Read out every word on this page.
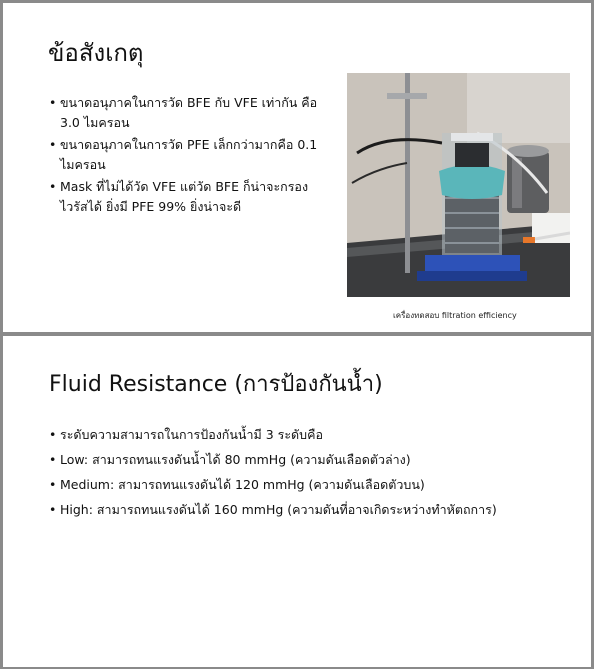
ข้อสังเกตุ
• ขนาดอนุภาคในการวัด BFE กับ VFE เท่ากัน คือ 3.0 ไมครอน
• ขนาดอนุภาคในการวัด PFE เล็กกว่ามากคือ 0.1 ไมครอน
• Mask ที่ไม่ได้วัด VFE แต่วัด BFE ก็น่าจะกรองไวรัสได้ ยิ่งมี PFE 99% ยิ่งน่าจะดี
เครื่องทดสอบ filtration efficiency
Fluid Resistance (การป้องกันน้ำ)
• ระดับความสามารถในการป้องกันน้ำมี 3 ระดับคือ
• Low: สามารถทนแรงดันน้ำได้ 80 mmHg (ความดันเลือดตัวล่าง)
• Medium: สามารถทนแรงดันได้ 120 mmHg (ความดันเลือดตัวบน)
• High: สามารถทนแรงดันได้ 160 mmHg (ความดันที่อาจเกิดระหว่างทำหัตถการ)
